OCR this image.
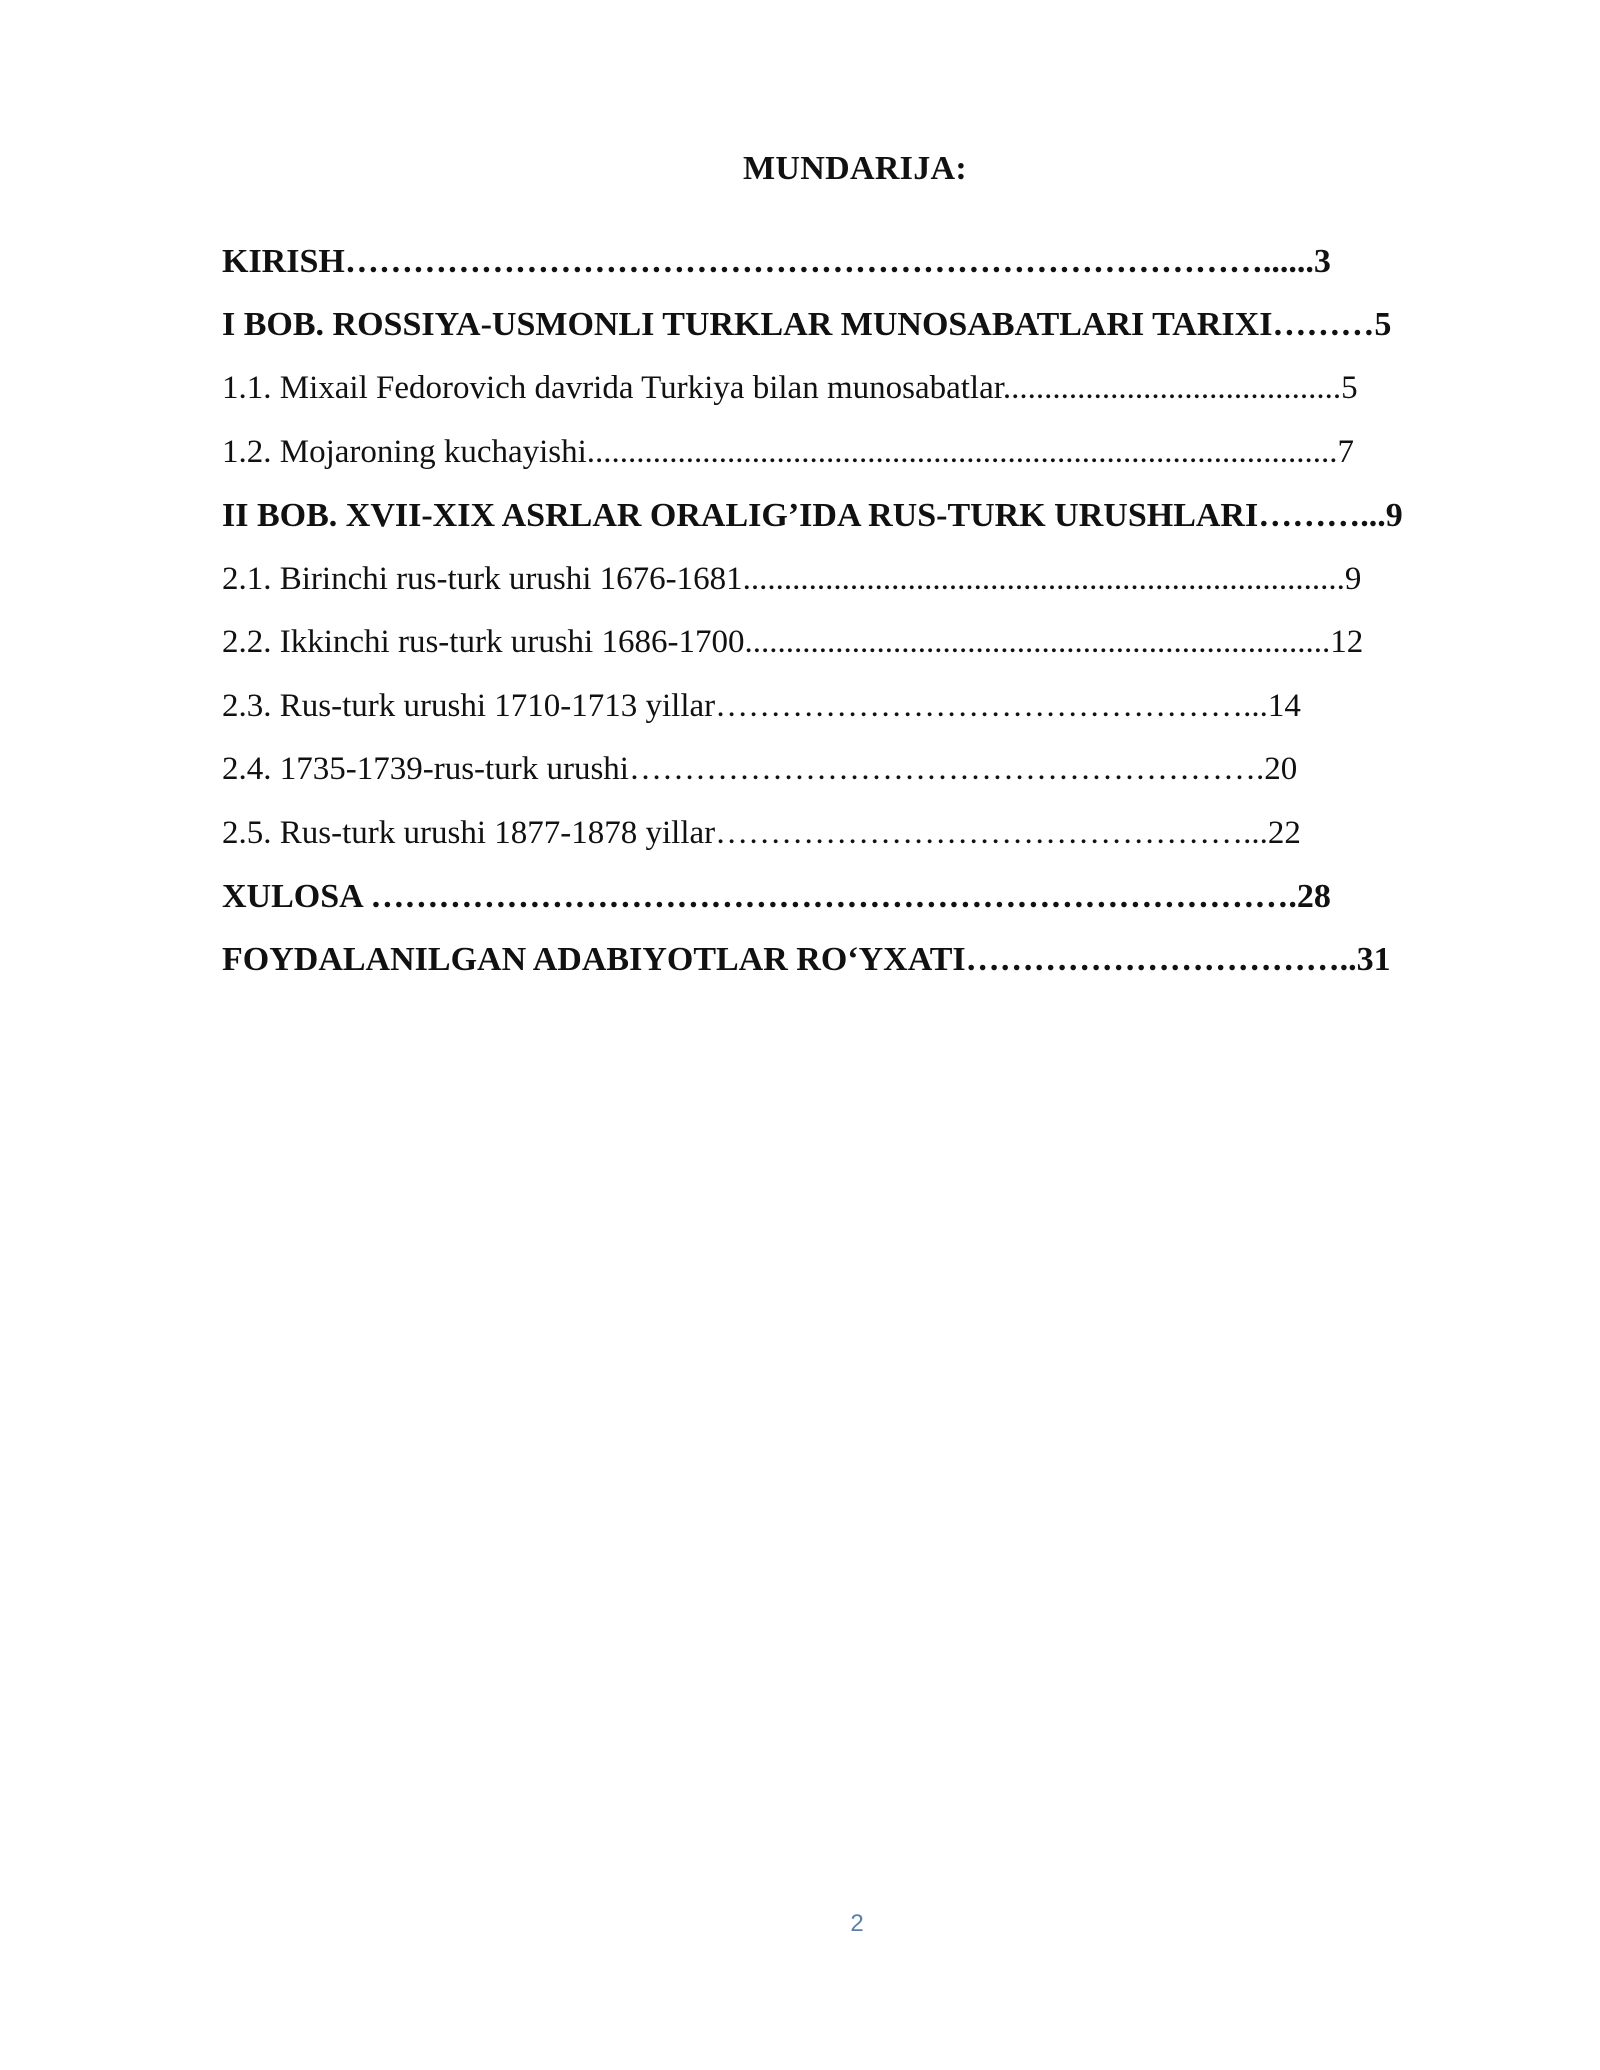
MUNDARIJA:
KIRISH………………………………………………………………………......3
I BOB. ROSSIYA-USMONLI TURKLAR MUNOSABATLARI TARIXI………5
1.1. Mixail Fedorovich davrida Turkiya bilan munosabatlar.........................................5
1.2. Mojaroning kuchayishi...........................................................................................7
II BOB. XVII-XIX ASRLAR ORALIG’IDA RUS-TURK URUSHLARI………...9
2.1. Birinchi rus-turk urushi 1676-1681.........................................................................9
2.2. Ikkinchi rus-turk urushi 1686-1700.......................................................................12
2.3. Rus-turk urushi 1710-1713 yillar…………………………………………...14
2.4. 1735-1739-rus-turk urushi………………………………………………….20
2.5. Rus-turk urushi 1877-1878 yillar…………………………………………...22
XULOSA ……………………………………………………………………….28
FOYDALANILGAN ADABIYOTLAR RO‘YXATI……………………………..31
2
